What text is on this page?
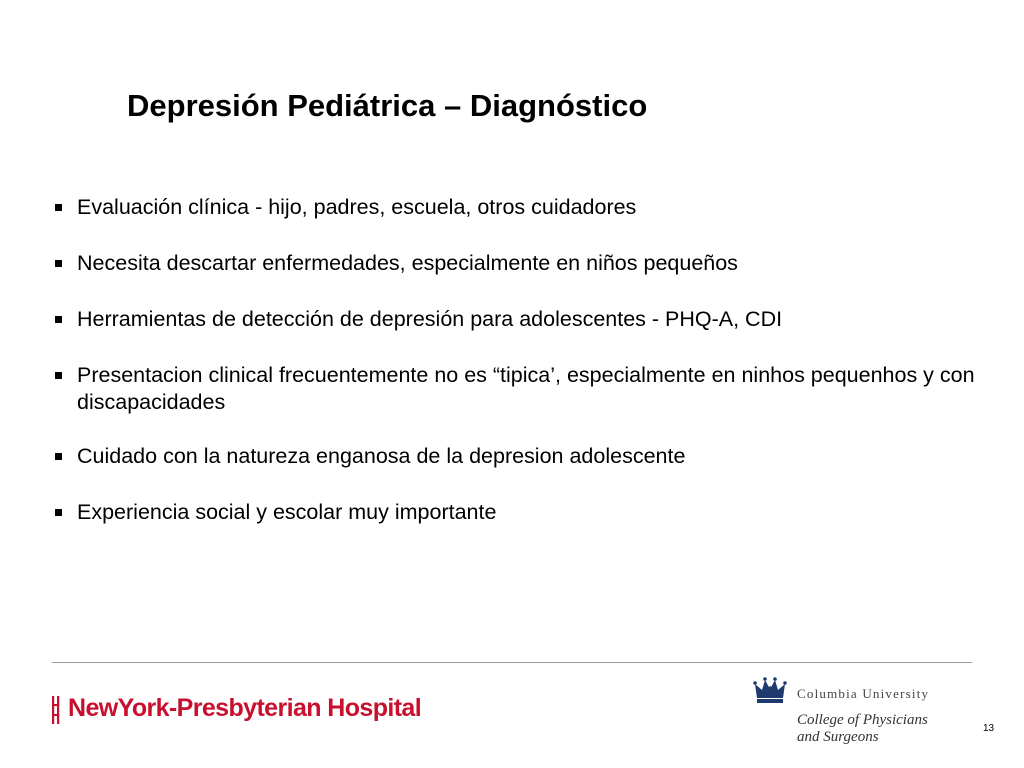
Depresión Pediátrica – Diagnóstico
Evaluación clínica - hijo, padres, escuela, otros cuidadores
Necesita descartar enfermedades, especialmente en niños pequeños
Herramientas de detección de depresión para adolescentes - PHQ-A, CDI
Presentacion clinical frecuentemente no es “tipica’, especialmente en ninhos pequenhos y con discapacidades
Cuidado con la natureza enganosa de la depresion adolescente
Experiencia social y escolar muy importante
NewYork-Presbyterian Hospital
Columbia University
College of Physicians
and Surgeons
13
